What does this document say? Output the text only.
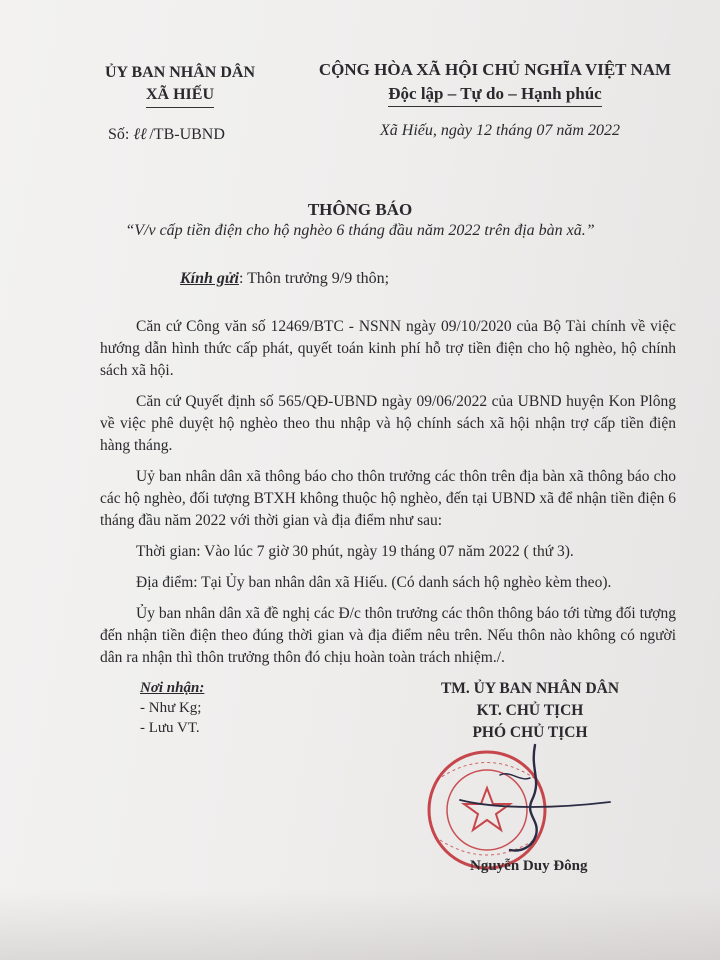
ỦY BAN NHÂN DÂN
XÃ HIẾU
CỘNG HÒA XÃ HỘI CHỦ NGHĨA VIỆT NAM
Độc lập – Tự do – Hạnh phúc
Số: ℓℓ /TB-UBND	Xã Hiếu, ngày 12 tháng 07 năm 2022
THÔNG BÁO
“V/v cấp tiền điện cho hộ nghèo 6 tháng đầu năm 2022 trên địa bàn xã.”
Kính gửi: Thôn trưởng 9/9 thôn;

Căn cứ Công văn số 12469/BTC - NSNN ngày 09/10/2020 của Bộ Tài chính về việc hướng dẫn hình thức cấp phát, quyết toán kinh phí hỗ trợ tiền điện cho hộ nghèo, hộ chính sách xã hội.

Căn cứ Quyết định số 565/QĐ-UBND ngày 09/06/2022 của UBND huyện Kon Plông về việc phê duyệt hộ nghèo theo thu nhập và hộ chính sách xã hội nhận trợ cấp tiền điện hàng tháng.

Uỷ ban nhân dân xã thông báo cho thôn trưởng các thôn trên địa bàn xã thông báo cho các hộ nghèo, đối tượng BTXH không thuộc hộ nghèo, đến tại UBND xã để nhận tiền điện 6 tháng đầu năm 2022 với thời gian và địa điểm như sau:

Thời gian: Vào lúc 7 giờ 30 phút, ngày 19 tháng 07 năm 2022 ( thứ 3).

Địa điểm: Tại Ủy ban nhân dân xã Hiếu. (Có danh sách hộ nghèo kèm theo).

Ủy ban nhân dân xã đề nghị các Đ/c thôn trưởng các thôn thông báo tới từng đối tượng đến nhận tiền điện theo đúng thời gian và địa điểm nêu trên. Nếu thôn nào không có người dân ra nhận thì thôn trưởng thôn đó chịu hoàn toàn trách nhiệm./.

Nơi nhận:
- Như Kg;
- Lưu VT.
TM. ỦY BAN NHÂN DÂN
KT. CHỦ TỊCH
PHÓ CHỦ TỊCH
Nguyễn Duy Đông
